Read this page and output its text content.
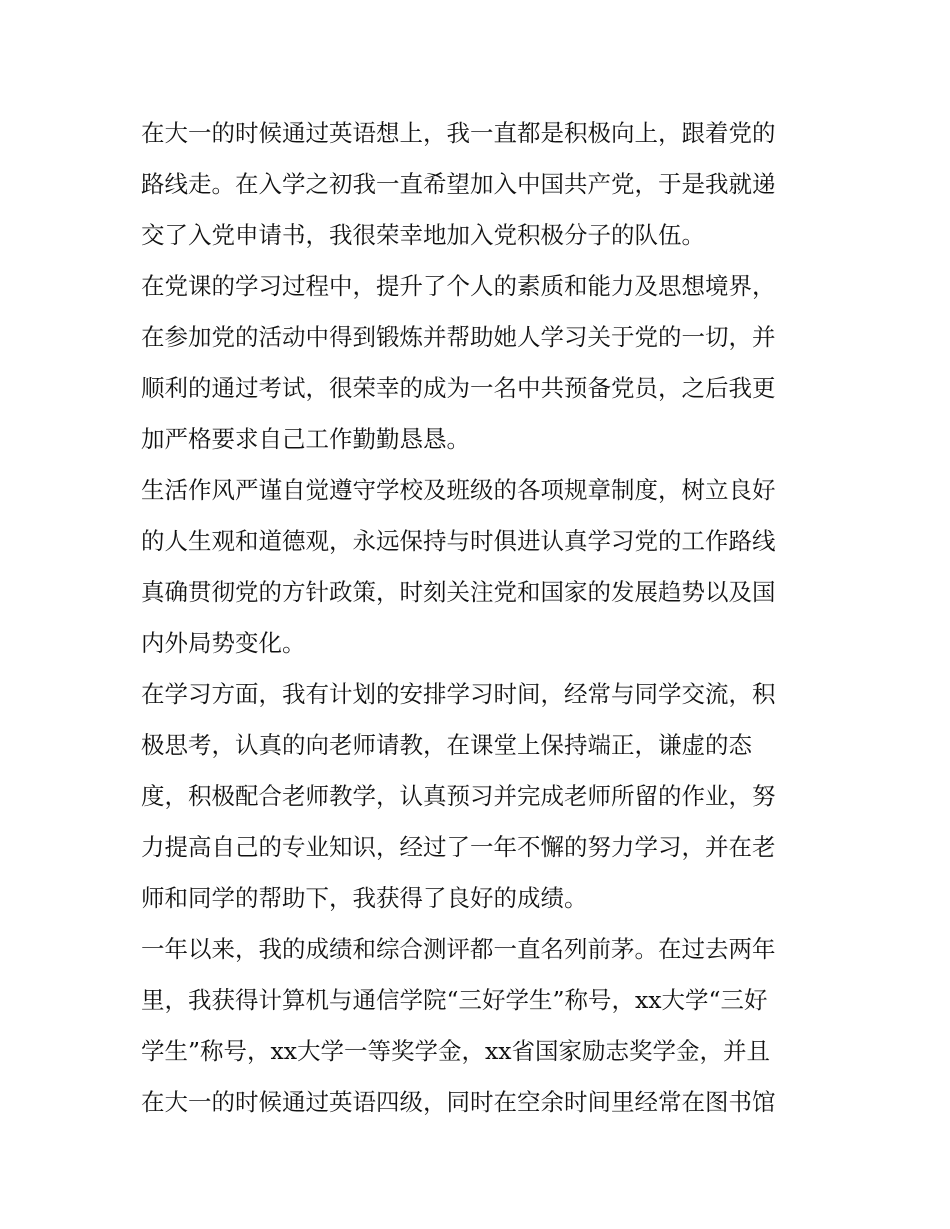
在大一的时候通过英语想上，我一直都是积极向上，跟着党的
路线走。在入学之初我一直希望加入中国共产党，于是我就递
交了入党申请书，我很荣幸地加入党积极分子的队伍。
在党课的学习过程中，提升了个人的素质和能力及思想境界，
在参加党的活动中得到锻炼并帮助她人学习关于党的一切，并
顺利的通过考试，很荣幸的成为一名中共预备党员，之后我更
加严格要求自己工作勤勤恳恳。
生活作风严谨自觉遵守学校及班级的各项规章制度，树立良好
的人生观和道德观，永远保持与时俱进认真学习党的工作路线
真确贯彻党的方针政策，时刻关注党和国家的发展趋势以及国
内外局势变化。
在学习方面，我有计划的安排学习时间，经常与同学交流，积
极思考，认真的向老师请教，在课堂上保持端正，谦虚的态
度，积极配合老师教学，认真预习并完成老师所留的作业，努
力提高自己的专业知识，经过了一年不懈的努力学习，并在老
师和同学的帮助下，我获得了良好的成绩。
一年以来，我的成绩和综合测评都一直名列前茅。在过去两年
里，我获得计算机与通信学院“三好学生”称号，xx大学“三好
学生”称号，xx大学一等奖学金，xx省国家励志奖学金，并且
在大一的时候通过英语四级，同时在空余时间里经常在图书馆
